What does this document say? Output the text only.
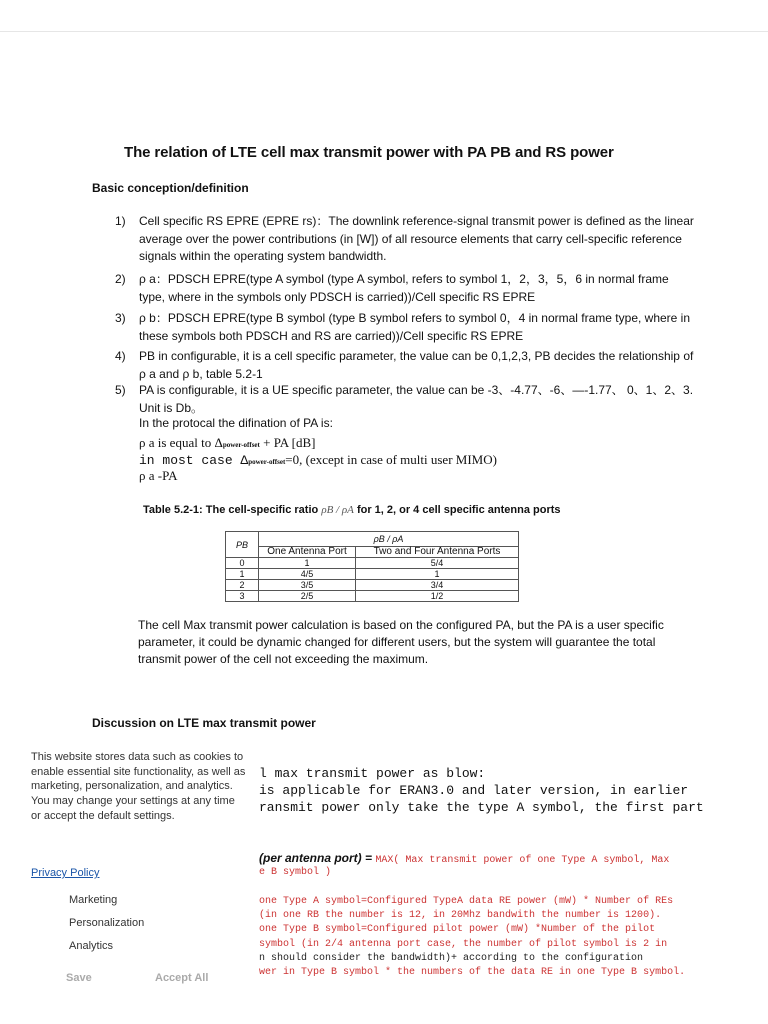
The relation of LTE cell max transmit power with PA PB and RS power
Basic conception/definition
1)	Cell specific RS EPRE (EPRE rs)：The downlink reference-signal transmit power is defined as the linear average over the power contributions (in [W]) of all resource elements that carry cell-specific reference signals within the operating system bandwidth.
2)	ρ a：PDSCH EPRE(type A symbol (type A symbol, refers to symbol 1，2，3，5，6 in normal frame type, where in the symbols only PDSCH is carried))/Cell specific RS EPRE
3)	ρ b：PDSCH EPRE(type B symbol (type B symbol refers to symbol 0，4 in normal frame type, where in these symbols both PDSCH and RS are carried))/Cell specific RS EPRE
4)	PB in configurable, it is a cell specific parameter, the value can be 0,1,2,3, PB decides the relationship of ρ a and ρ b, table 5.2-1
5)	PA is configurable, it is a UE specific parameter, the value can be -3、-4.77、-6、—-1.77、 0、1、2、3. Unit is Db。
In the protocal the difination of PA is:
ρ a is equal to Δpower-offset + PA [dB]
in most case Δpower-offset=0, (except in case of multi user MIMO)
ρ a -PA
Table 5.2-1: The cell-specific ratio ρB / ρA for 1, 2, or 4 cell specific antenna ports
PB	ρB / ρA	
	One Antenna Port	Two and Four Antenna Ports
0	1	5/4
1	4/5	1
2	3/5	3/4
3	2/5	1/2
The cell Max transmit power calculation is based on the configured PA, but the PA is a user specific parameter, it could be dynamic changed for different users, but the system will guarantee the total transmit power of the cell not exceeding the maximum.
Discussion on LTE max transmit power
l max transmit power as blow:
is applicable for ERAN3.0 and later version, in earlier
ransmit power only take the type A symbol, the first part
(per antenna port) = MAX( Max transmit power of one Type A symbol, Max
e B symbol )
one Type A symbol=Configured TypeA data RE power (mW) * Number of REs
(in one RB the number is 12, in 20Mhz bandwith the number is 1200).
one Type B symbol=Configured pilot power (mW) *Number of the pilot
symbol (in 2/4 antenna port case, the number of pilot symbol is 2 in
n should consider the bandwidth)+ according to the configuration
wer in Type B symbol * the numbers of the data RE in one Type B symbol.
This website stores data such as cookies to enable essential site functionality, as well as marketing, personalization, and analytics. You may change your settings at any time or accept the default settings.
Privacy Policy
Marketing
Personalization
Analytics
Save	Accept All
